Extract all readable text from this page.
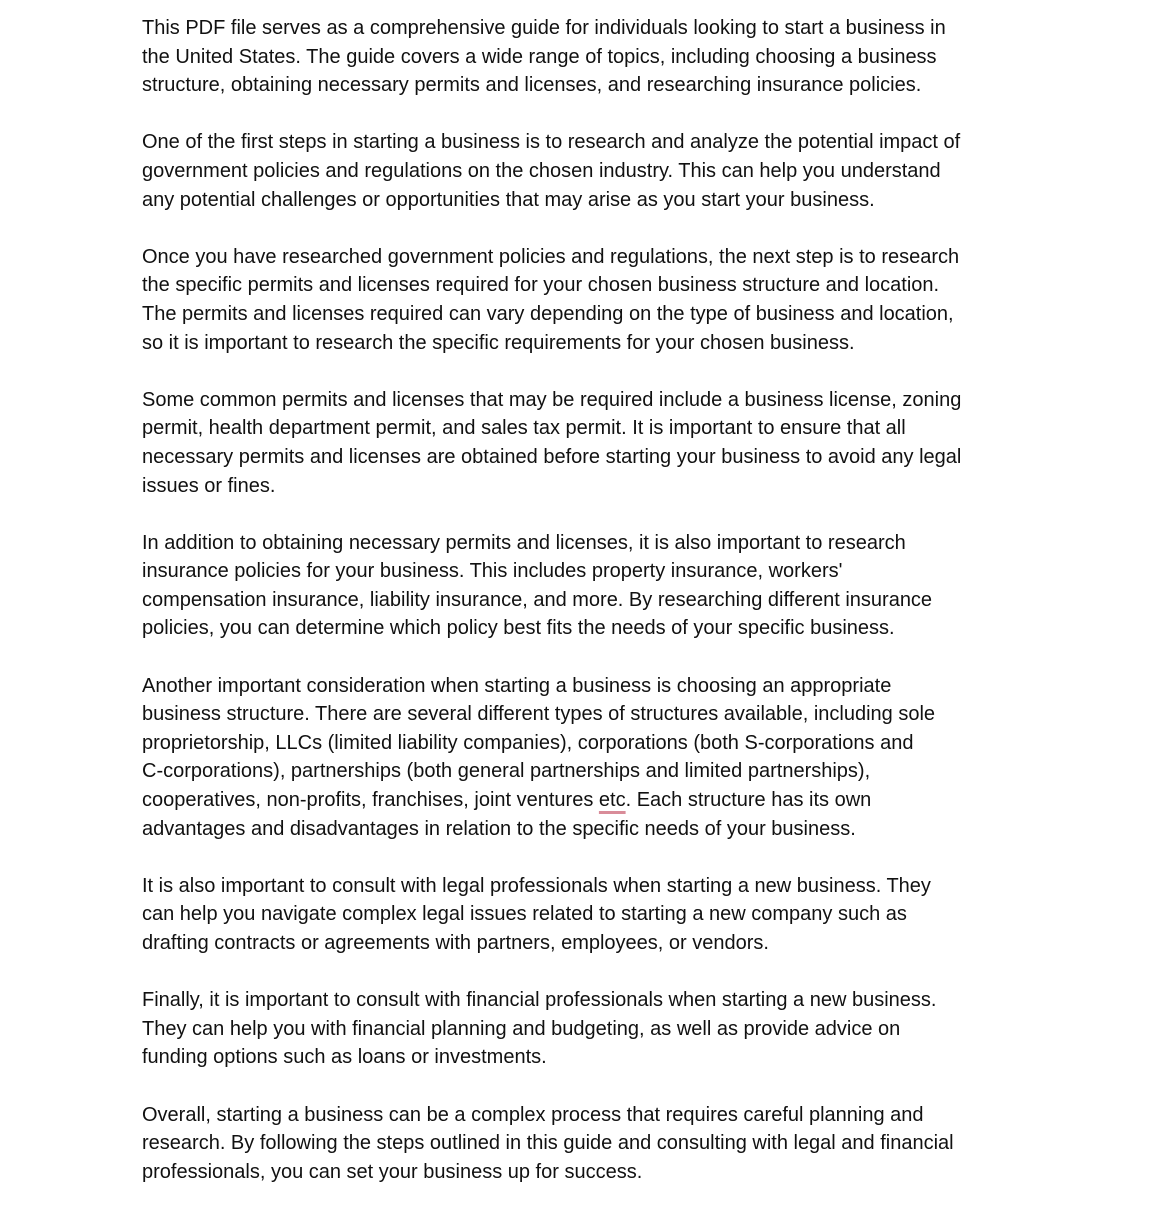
This PDF file serves as a comprehensive guide for individuals looking to start a business in
the United States. The guide covers a wide range of topics, including choosing a business
structure, obtaining necessary permits and licenses, and researching insurance policies.

One of the first steps in starting a business is to research and analyze the potential impact of
government policies and regulations on the chosen industry. This can help you understand
any potential challenges or opportunities that may arise as you start your business.

Once you have researched government policies and regulations, the next step is to research
the specific permits and licenses required for your chosen business structure and location.
The permits and licenses required can vary depending on the type of business and location,
so it is important to research the specific requirements for your chosen business.

Some common permits and licenses that may be required include a business license, zoning
permit, health department permit, and sales tax permit. It is important to ensure that all
necessary permits and licenses are obtained before starting your business to avoid any legal
issues or fines.

In addition to obtaining necessary permits and licenses, it is also important to research
insurance policies for your business. This includes property insurance, workers'
compensation insurance, liability insurance, and more. By researching different insurance
policies, you can determine which policy best fits the needs of your specific business.

Another important consideration when starting a business is choosing an appropriate
business structure. There are several different types of structures available, including sole
proprietorship, LLCs (limited liability companies), corporations (both S-corporations and
C-corporations), partnerships (both general partnerships and limited partnerships),
cooperatives, non-profits, franchises, joint ventures etc. Each structure has its own
advantages and disadvantages in relation to the specific needs of your business.

It is also important to consult with legal professionals when starting a new business. They
can help you navigate complex legal issues related to starting a new company such as
drafting contracts or agreements with partners, employees, or vendors.

Finally, it is important to consult with financial professionals when starting a new business.
They can help you with financial planning and budgeting, as well as provide advice on
funding options such as loans or investments.

Overall, starting a business can be a complex process that requires careful planning and
research. By following the steps outlined in this guide and consulting with legal and financial
professionals, you can set your business up for success.
